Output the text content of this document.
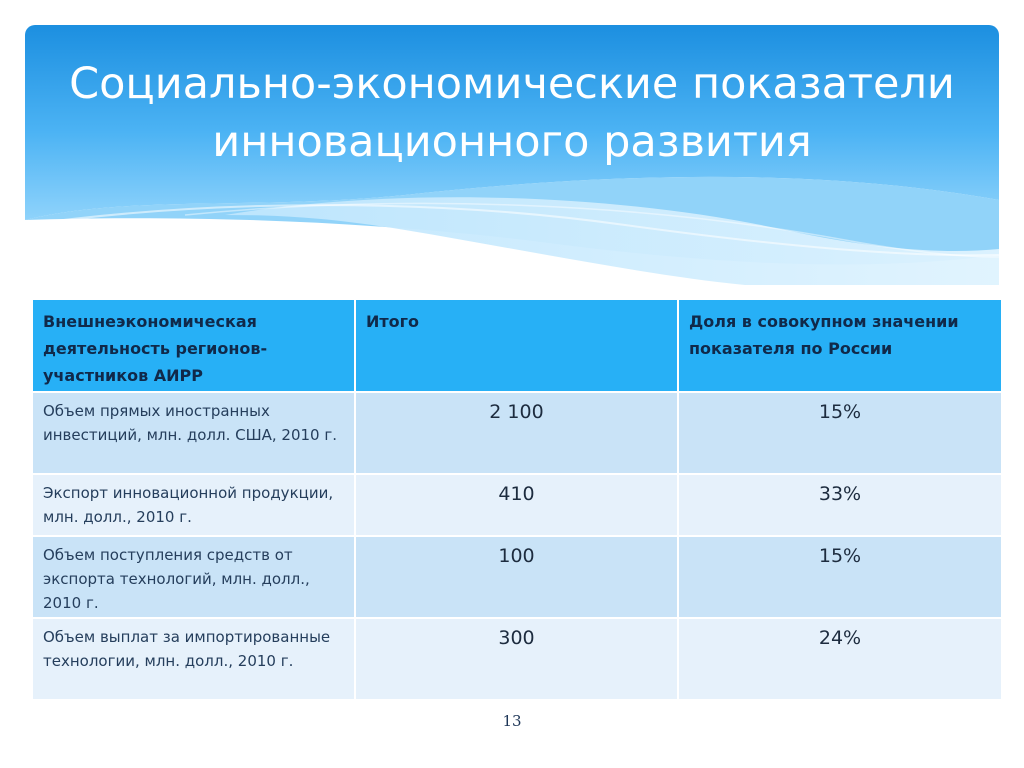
Социально-экономические показатели
инновационного развития
Внешнеэкономическая деятельность регионов-участников АИРР	Итого	Доля в совокупном значении показателя по России
Объем прямых иностранных инвестиций, млн. долл. США, 2010 г.	2 100	15%
Экспорт инновационной продукции, млн. долл., 2010 г.	410	33%
Объем поступления средств от экспорта технологий, млн. долл., 2010 г.	100	15%
Объем выплат за импортированные технологии, млн. долл., 2010 г.	300	24%
13
